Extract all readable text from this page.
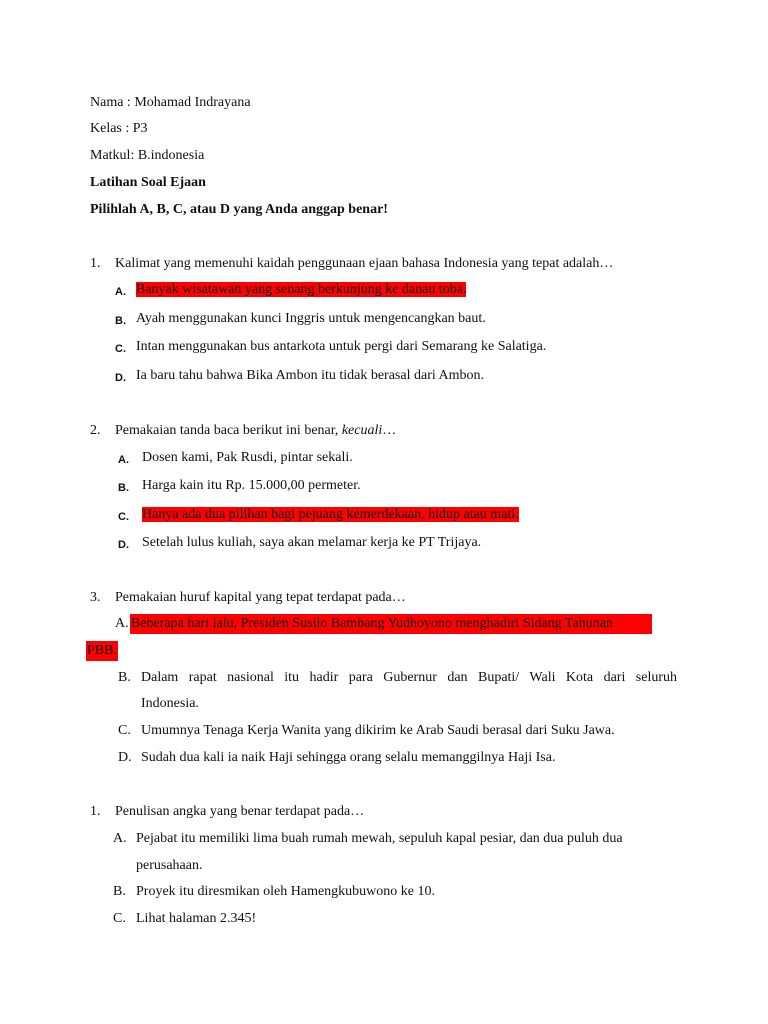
Nama : Mohamad Indrayana
Kelas : P3
Matkul: B.indonesia
Latihan Soal Ejaan
Pilihlah A, B, C, atau D yang Anda anggap benar!
1. Kalimat yang memenuhi kaidah penggunaan ejaan bahasa Indonesia yang tepat adalah…
A. Banyak wisatawan yang senang berkunjung ke danau toba.
B. Ayah menggunakan kunci Inggris untuk mengencangkan baut.
C. Intan menggunakan bus antarkota untuk pergi dari Semarang ke Salatiga.
D. Ia baru tahu bahwa Bika Ambon itu tidak berasal dari Ambon.
2. Pemakaian tanda baca berikut ini benar, kecuali…
A. Dosen kami, Pak Rusdi, pintar sekali.
B. Harga kain itu Rp. 15.000,00 permeter.
C. Hanya ada dua pilihan bagi pejuang kemerdekaan, hidup atau mati.
D. Setelah lulus kuliah, saya akan melamar kerja ke PT Trijaya.
3. Pemakaian huruf kapital yang tepat terdapat pada…
A. Beberapa hari lalu, Presiden Susilo Bambang Yudhoyono menghadiri Sidang Tahunan
PBB.
B. Dalam rapat nasional itu hadir para Gubernur dan Bupati/ Wali Kota dari seluruh
Indonesia.
C. Umumnya Tenaga Kerja Wanita yang dikirim ke Arab Saudi berasal dari Suku Jawa.
D. Sudah dua kali ia naik Haji sehingga orang selalu memanggilnya Haji Isa.
1. Penulisan angka yang benar terdapat pada…
A. Pejabat itu memiliki lima buah rumah mewah, sepuluh kapal pesiar, dan dua puluh dua
perusahaan.
B. Proyek itu diresmikan oleh Hamengkubuwono ke 10.
C. Lihat halaman 2.345!
